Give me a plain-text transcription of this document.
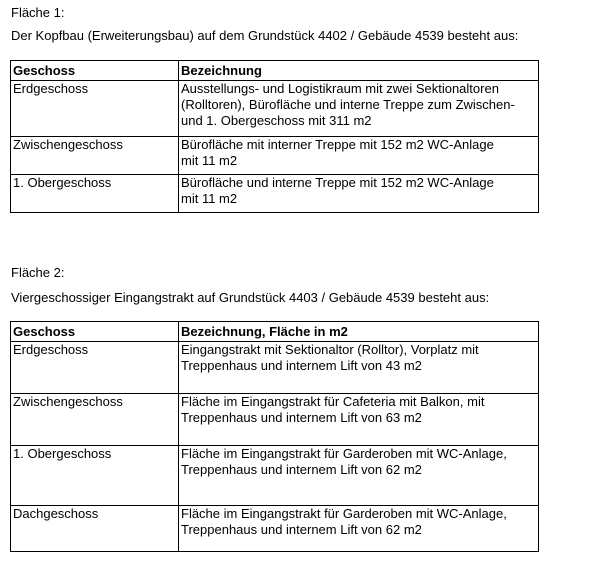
Fläche 1:
Der Kopfbau (Erweiterungsbau) auf dem Grundstück 4402 / Gebäude 4539 besteht aus:
Geschoss	Bezeichnung
Erdgeschoss	Ausstellungs- und Logistikraum mit zwei Sektionaltoren
(Rolltoren), Bürofläche und interne Treppe zum Zwischen-
und 1. Obergeschoss mit 311 m2

Zwischengeschoss	Bürofläche mit interner Treppe mit 152 m2 WC-Anlage
mit 11 m2

1. Obergeschoss	Bürofläche und interne Treppe mit 152 m2 WC-Anlage
mit 11 m2
Fläche 2:
Viergeschossiger Eingangstrakt auf Grundstück 4403 / Gebäude 4539 besteht aus:
Geschoss	Bezeichnung, Fläche in m2
Erdgeschoss	Eingangstrakt mit Sektionaltor (Rolltor), Vorplatz mit
Treppenhaus und internem Lift von 43 m2

Zwischengeschoss	Fläche im Eingangstrakt für Cafeteria mit Balkon, mit
Treppenhaus und internem Lift von 63 m2

1. Obergeschoss	Fläche im Eingangstrakt für Garderoben mit WC-Anlage,
Treppenhaus und internem Lift von 62 m2

Dachgeschoss	Fläche im Eingangstrakt für Garderoben mit WC-Anlage,
Treppenhaus und internem Lift von 62 m2
